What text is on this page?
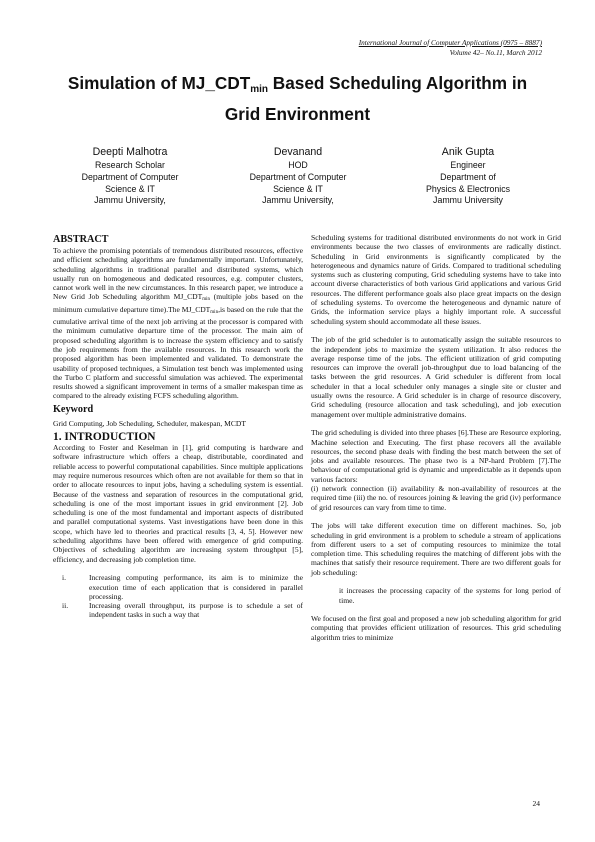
International Journal of Computer Applications (0975 – 8887)
Volume 42– No.11, March 2012
Simulation of $MJ\_CDT_{min}$ Based Scheduling Algorithm in
Grid Environment
Deepti Malhotra
Research Scholar
Department of Computer
Science & IT
Jammu University,
Devanand
HOD
Department of Computer
Science & IT
Jammu University,
Anik Gupta
Engineer
Department of
Physics & Electronics
Jammu University
ABSTRACT

To achieve the promising potentials of tremendous distributed resources, effective and efficient scheduling algorithms are fundamentally important. Unfortunately, scheduling algorithms in traditional parallel and distributed systems, which usually run on homogeneous and dedicated resources, e.g. computer clusters, cannot work well in the new circumstances. In this research paper, we introduce a New Grid Job Scheduling algorithm $MJ\_CDT_{min}$ (multiple jobs based on the minimum cumulative departure time).The $MJ\_CDT_{min},is$ based on the rule that the cumulative arrival time of the next job arriving at the processor is compared with the minimum cumulative departure time of the processor. The main aim of proposed scheduling algorithm is to increase the system efficiency and to satisfy the job requirements from the available resources. In this research work the proposed algorithm has been implemented and validated. To demonstrate the usability of proposed techniques, a Simulation test bench was implemented using the Turbo C platform and successful simulation was achieved. The experimental results showed a significant improvement in terms of a smaller makespan time as compared to the already existing FCFS scheduling algorithm.

Keyword

Grid Computing, Job Scheduling, Scheduler, makespan, MCDT

1. INTRODUCTION

According to Foster and Keselman in [1], grid computing is hardware and software infrastructure which offers a cheap, distributable, coordinated and reliable access to powerful computational capabilities. Since multiple applications may require numerous resources which often are not available for them so that in order to allocate resources to input jobs, having a scheduling system is essential. Because of the vastness and separation of resources in the computational grid, scheduling is one of the most important issues in grid environment [2]. Job scheduling is one of the most fundamental and important aspects of distributed and parallel computational systems. Vast investigations have been done in this scope, which have led to theories and practical results [3, 4, 5]. However new scheduling algorithms have been offered with emergence of grid computing. Objectives of scheduling algorithm are increasing system throughput [5], efficiency, and decreasing job completion time.

i.	Increasing computing performance, its aim is to minimize the execution time of each application that is considered in parallel processing.
ii.	Increasing overall throughput, its purpose is to schedule a set of independent tasks in such a way that

Scheduling systems for traditional distributed environments do not work in Grid environments because the two classes of environments are radically distinct. Scheduling in Grid environments is significantly complicated by the heterogeneous and dynamics nature of Grids. Compared to traditional scheduling systems such as clustering computing, Grid scheduling systems have to take into account diverse characteristics of both various Grid applications and various Grid resources. The different performance goals also place great impacts on the design of scheduling systems. To overcome the heterogeneous and dynamic nature of Grids, the information service plays a highly important role. A successful scheduling system should accommodate all these issues.

The job of the grid scheduler is to automatically assign the suitable resources to the independent jobs to maximize the system utilization. It also reduces the average response time of the jobs. The efficient utilization of grid computing resources can improve the overall job-throughput due to load balancing of the tasks between the grid resources. A Grid scheduler is different from local scheduler in that a local scheduler only manages a single site or cluster and usually owns the resource. A Grid scheduler is in charge of resource discovery, Grid scheduling (resource allocation and task scheduling), and job execution management over multiple administrative domains.

The grid scheduling is divided into three phases [6].These are Resource exploring, Machine selection and Executing. The first phase recovers all the available resources, the second phase deals with finding the best match between the set of jobs and available resources. The phase two is a NP-hard Problem [7].The behaviour of computational grid is dynamic and unpredictable as it depends upon various factors:

(i) network connection (ii) availability & non-availability of resources at the required time (iii) the no. of resources joining & leaving the grid (iv) performance of grid resources can vary from time to time.

The jobs will take different execution time on different machines. So, job scheduling in grid environment is a problem to schedule a stream of applications from different users to a set of computing resources to minimize the total completion time. This scheduling requires the matching of different jobs with the machines that satisfy their resource requirement. There are two different goals for job scheduling:

it increases the processing capacity of the systems for long period of time.

We focused on the first goal and proposed a new job scheduling algorithm for grid computing that provides efficient utilization of resources. This grid scheduling algorithm tries to minimize

24
